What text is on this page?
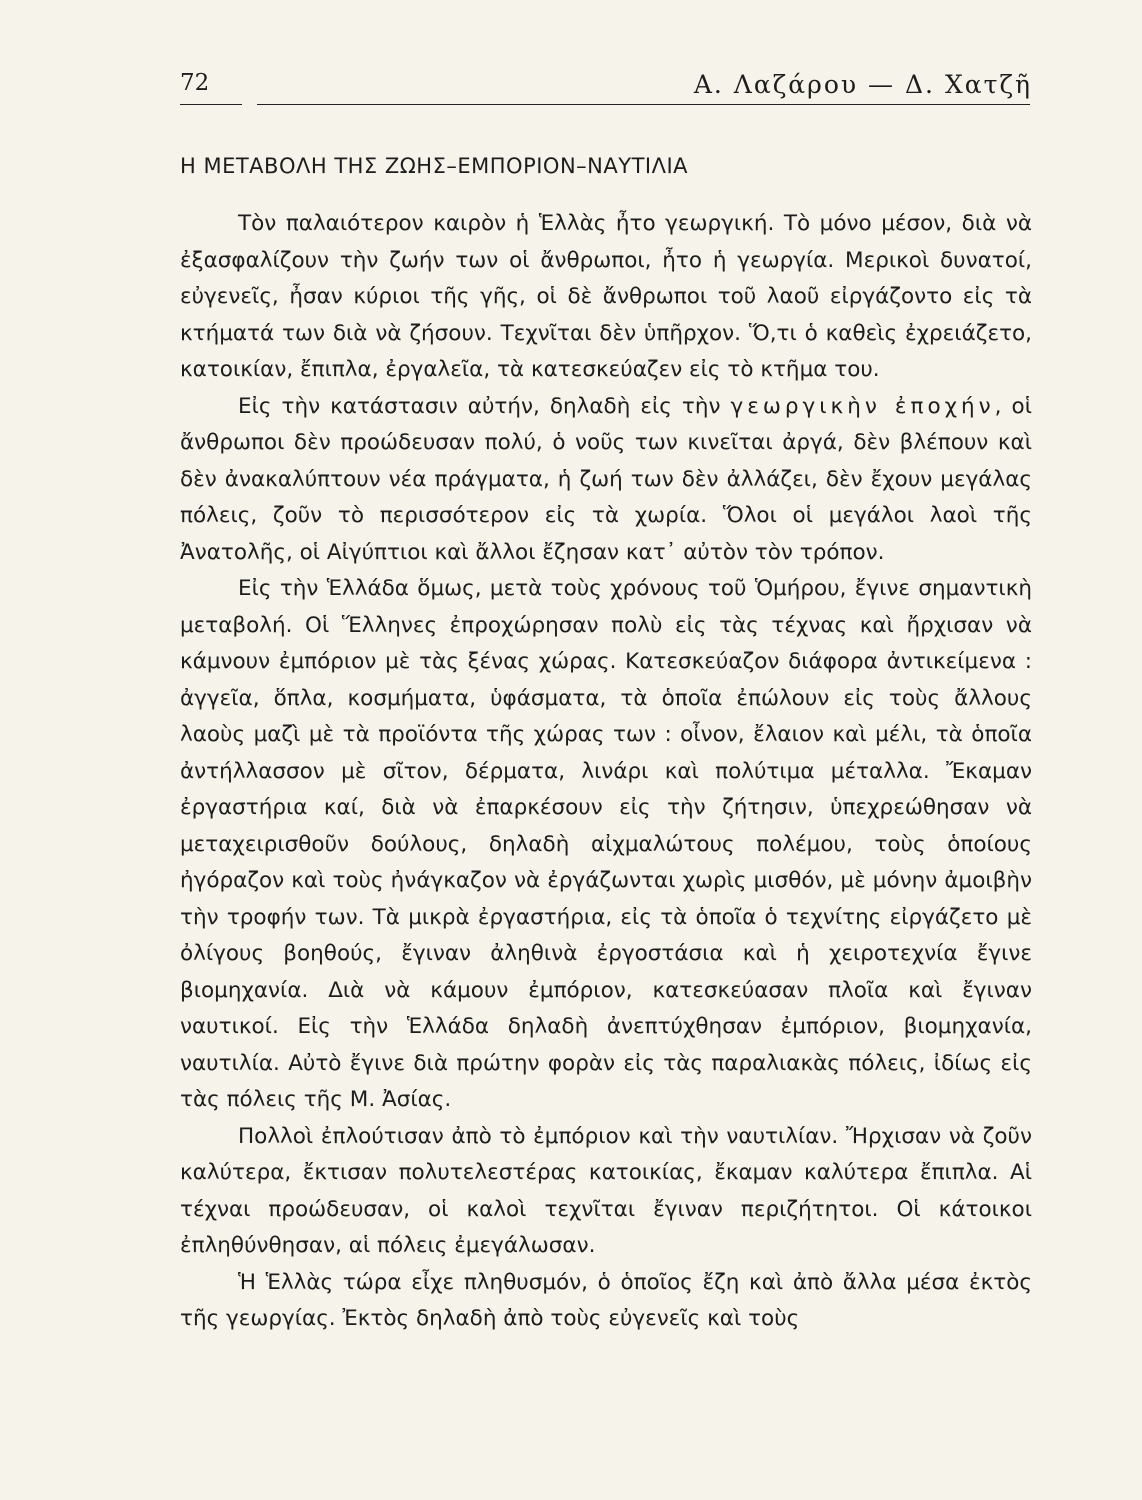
72	Α. Λαζάρου — Δ. Χατζῆ
Η ΜΕΤΑΒΟΛΗ ΤΗΣ ΖΩΗΣ–ΕΜΠΟΡΙΟΝ–ΝΑΥΤΙΛΙΑ

Τὸν παλαιότερον καιρὸν ἡ Ἑλλὰς ἦτο γεωργική. Τὸ μόνο μέσον, διὰ νὰ ἐξασφαλίζουν τὴν ζωήν των οἱ ἄνθρωποι, ἦτο ἡ γεωργία. Μερικοὶ δυνατοί, εὐγενεῖς, ἦσαν κύριοι τῆς γῆς, οἱ δὲ ἄνθρωποι τοῦ λαοῦ εἰργάζοντο εἰς τὰ κτήματά των διὰ νὰ ζήσουν. Τεχνῖται δὲν ὑπῆρχον. Ὅ,τι ὁ καθεὶς ἐχρειάζετο, κατοικίαν, ἔπιπλα, ἐργαλεῖα, τὰ κατεσκεύαζεν εἰς τὸ κτῆμα του.

Εἰς τὴν κατάστασιν αὐτήν, δηλαδὴ εἰς τὴν γεωργικὴν ἐποχήν, οἱ ἄνθρωποι δὲν προώδευσαν πολύ, ὁ νοῦς των κινεῖται ἀργά, δὲν βλέπουν καὶ δὲν ἀνακαλύπτουν νέα πράγματα, ἡ ζωή των δὲν ἀλλάζει, δὲν ἔχουν μεγάλας πόλεις, ζοῦν τὸ περισσότερον εἰς τὰ χωρία. Ὅλοι οἱ μεγάλοι λαοὶ τῆς Ἀνατολῆς, οἱ Αἰγύπτιοι καὶ ἄλλοι ἔζησαν κατ᾿ αὐτὸν τὸν τρόπον.

Εἰς τὴν Ἑλλάδα ὅμως, μετὰ τοὺς χρόνους τοῦ Ὁμήρου, ἔγινε σημαντικὴ μεταβολή. Οἱ Ἕλληνες ἐπροχώρησαν πολὺ εἰς τὰς τέχνας καὶ ἤρχισαν νὰ κάμνουν ἐμπόριον μὲ τὰς ξένας χώρας. Κατεσκεύαζον διάφορα ἀντικείμενα : ἀγγεῖα, ὅπλα, κοσμήματα, ὑφάσματα, τὰ ὁποῖα ἐπώλουν εἰς τοὺς ἄλλους λαοὺς μαζὶ μὲ τὰ προϊόντα τῆς χώρας των : οἶνον, ἔλαιον καὶ μέλι, τὰ ὁποῖα ἀντήλλασσον μὲ σῖτον, δέρματα, λινάρι καὶ πολύτιμα μέταλλα. Ἔκαμαν ἐργαστήρια καί, διὰ νὰ ἐπαρκέσουν εἰς τὴν ζήτησιν, ὑπεχρεώθησαν νὰ μεταχειρισθοῦν δούλους, δηλαδὴ αἰχμαλώτους πολέμου, τοὺς ὁποίους ἠγόραζον καὶ τοὺς ἠνάγκαζον νὰ ἐργάζωνται χωρὶς μισθόν, μὲ μόνην ἀμοιβὴν τὴν τροφήν των. Τὰ μικρὰ ἐργαστήρια, εἰς τὰ ὁποῖα ὁ τεχνίτης εἰργάζετο μὲ ὀλίγους βοηθούς, ἔγιναν ἀληθινὰ ἐργοστάσια καὶ ἡ χειροτεχνία ἔγινε βιομηχανία. Διὰ νὰ κάμουν ἐμπόριον, κατεσκεύασαν πλοῖα καὶ ἔγιναν ναυτικοί. Εἰς τὴν Ἑλλάδα δηλαδὴ ἀνεπτύχθησαν ἐμπόριον, βιομηχανία, ναυτιλία. Αὐτὸ ἔγινε διὰ πρώτην φορὰν εἰς τὰς παραλιακὰς πόλεις, ἰδίως εἰς τὰς πόλεις τῆς Μ. Ἀσίας.

Πολλοὶ ἐπλούτισαν ἀπὸ τὸ ἐμπόριον καὶ τὴν ναυτιλίαν. Ἤρχισαν νὰ ζοῦν καλύτερα, ἔκτισαν πολυτελεστέρας κατοικίας, ἔκαμαν καλύτερα ἔπιπλα. Αἱ τέχναι προώδευσαν, οἱ καλοὶ τεχνῖται ἔγιναν περιζήτητοι. Οἱ κάτοικοι ἐπληθύνθησαν, αἱ πόλεις ἐμεγάλωσαν.

Ἡ Ἑλλὰς τώρα εἶχε πληθυσμόν, ὁ ὁποῖος ἔζη καὶ ἀπὸ ἄλλα μέσα ἐκτὸς τῆς γεωργίας. Ἐκτὸς δηλαδὴ ἀπὸ τοὺς εὐγενεῖς καὶ τοὺς
